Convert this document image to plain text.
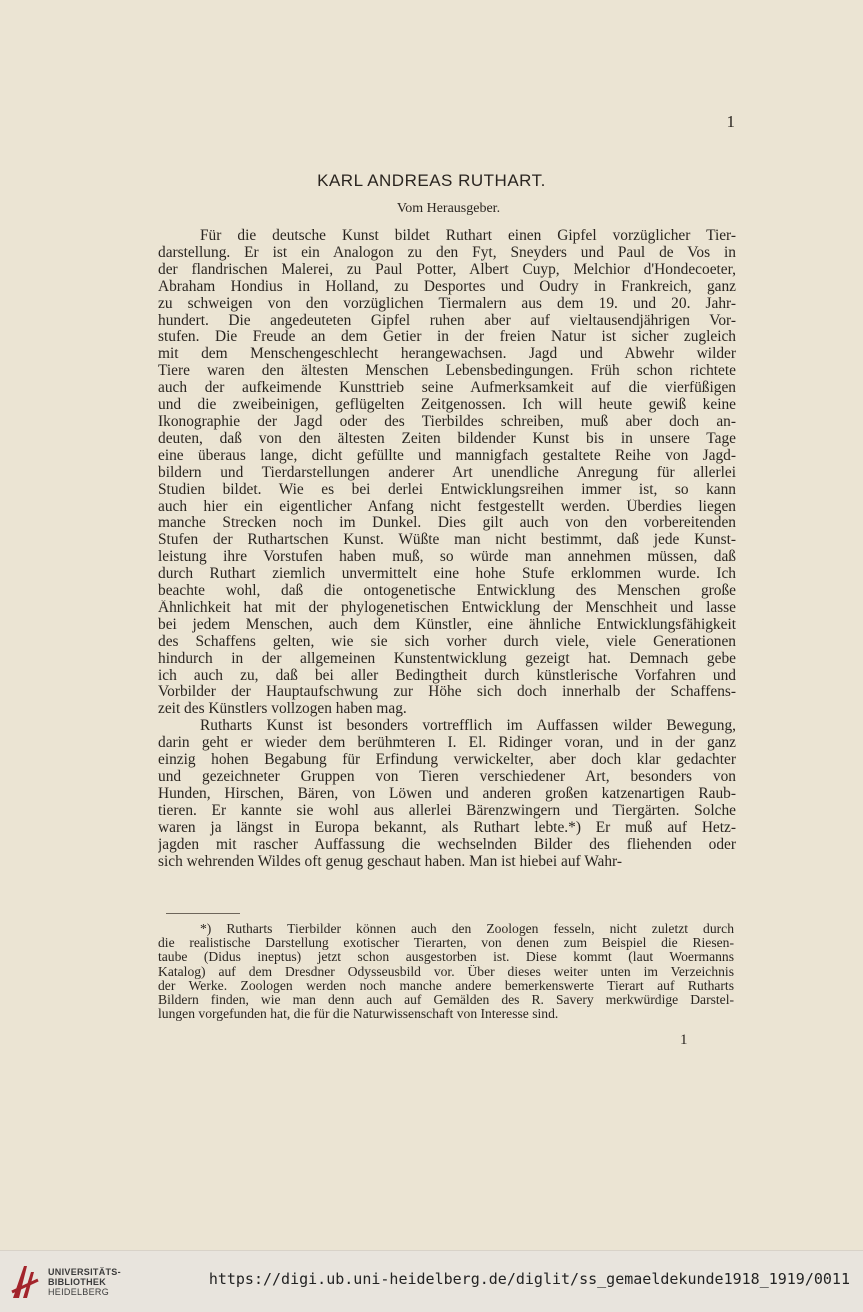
1
KARL ANDREAS RUTHART.
Vom Herausgeber.
Für die deutsche Kunst bildet Ruthart einen Gipfel vorzüglicher Tier-
darstellung. Er ist ein Analogon zu den Fyt, Sneyders und Paul de Vos in
der flandrischen Malerei, zu Paul Potter, Albert Cuyp, Melchior d'Hondecoeter,
Abraham Hondius in Holland, zu Desportes und Oudry in Frankreich, ganz
zu schweigen von den vorzüglichen Tiermalern aus dem 19. und 20. Jahr-
hundert. Die angedeuteten Gipfel ruhen aber auf vieltausendjährigen Vor-
stufen. Die Freude an dem Getier in der freien Natur ist sicher zugleich
mit dem Menschengeschlecht herangewachsen. Jagd und Abwehr wilder
Tiere waren den ältesten Menschen Lebensbedingungen. Früh schon richtete
auch der aufkeimende Kunsttrieb seine Aufmerksamkeit auf die vierfüßigen
und die zweibeinigen, geflügelten Zeitgenossen. Ich will heute gewiß keine
Ikonographie der Jagd oder des Tierbildes schreiben, muß aber doch an-
deuten, daß von den ältesten Zeiten bildender Kunst bis in unsere Tage
eine überaus lange, dicht gefüllte und mannigfach gestaltete Reihe von Jagd-
bildern und Tierdarstellungen anderer Art unendliche Anregung für allerlei
Studien bildet. Wie es bei derlei Entwicklungsreihen immer ist, so kann
auch hier ein eigentlicher Anfang nicht festgestellt werden. Überdies liegen
manche Strecken noch im Dunkel. Dies gilt auch von den vorbereitenden
Stufen der Ruthartschen Kunst. Wüßte man nicht bestimmt, daß jede Kunst-
leistung ihre Vorstufen haben muß, so würde man annehmen müssen, daß
durch Ruthart ziemlich unvermittelt eine hohe Stufe erklommen wurde. Ich
beachte wohl, daß die ontogenetische Entwicklung des Menschen große
Ähnlichkeit hat mit der phylogenetischen Entwicklung der Menschheit und lasse
bei jedem Menschen, auch dem Künstler, eine ähnliche Entwicklungsfähigkeit
des Schaffens gelten, wie sie sich vorher durch viele, viele Generationen
hindurch in der allgemeinen Kunstentwicklung gezeigt hat. Demnach gebe
ich auch zu, daß bei aller Bedingtheit durch künstlerische Vorfahren und
Vorbilder der Hauptaufschwung zur Höhe sich doch innerhalb der Schaffens-
zeit des Künstlers vollzogen haben mag.
Rutharts Kunst ist besonders vortrefflich im Auffassen wilder Bewegung,
darin geht er wieder dem berühmteren I. El. Ridinger voran, und in der ganz
einzig hohen Begabung für Erfindung verwickelter, aber doch klar gedachter
und gezeichneter Gruppen von Tieren verschiedener Art, besonders von
Hunden, Hirschen, Bären, von Löwen und anderen großen katzenartigen Raub-
tieren. Er kannte sie wohl aus allerlei Bärenzwingern und Tiergärten. Solche
waren ja längst in Europa bekannt, als Ruthart lebte.*) Er muß auf Hetz-
jagden mit rascher Auffassung die wechselnden Bilder des fliehenden oder
sich wehrenden Wildes oft genug geschaut haben. Man ist hiebei auf Wahr-
*) Rutharts Tierbilder können auch den Zoologen fesseln, nicht zuletzt durch
die realistische Darstellung exotischer Tierarten, von denen zum Beispiel die Riesen-
taube (Didus ineptus) jetzt schon ausgestorben ist. Diese kommt (laut Woermanns
Katalog) auf dem Dresdner Odysseusbild vor. Über dieses weiter unten im Verzeichnis
der Werke. Zoologen werden noch manche andere bemerkenswerte Tierart auf Rutharts
Bildern finden, wie man denn auch auf Gemälden des R. Savery merkwürdige Darstel-
lungen vorgefunden hat, die für die Naturwissenschaft von Interesse sind.
1
UNIVERSITÄTS-
BIBLIOTHEK
HEIDELBERG
https://digi.ub.uni-heidelberg.de/diglit/ss_gemaeldekunde1918_1919/0011
